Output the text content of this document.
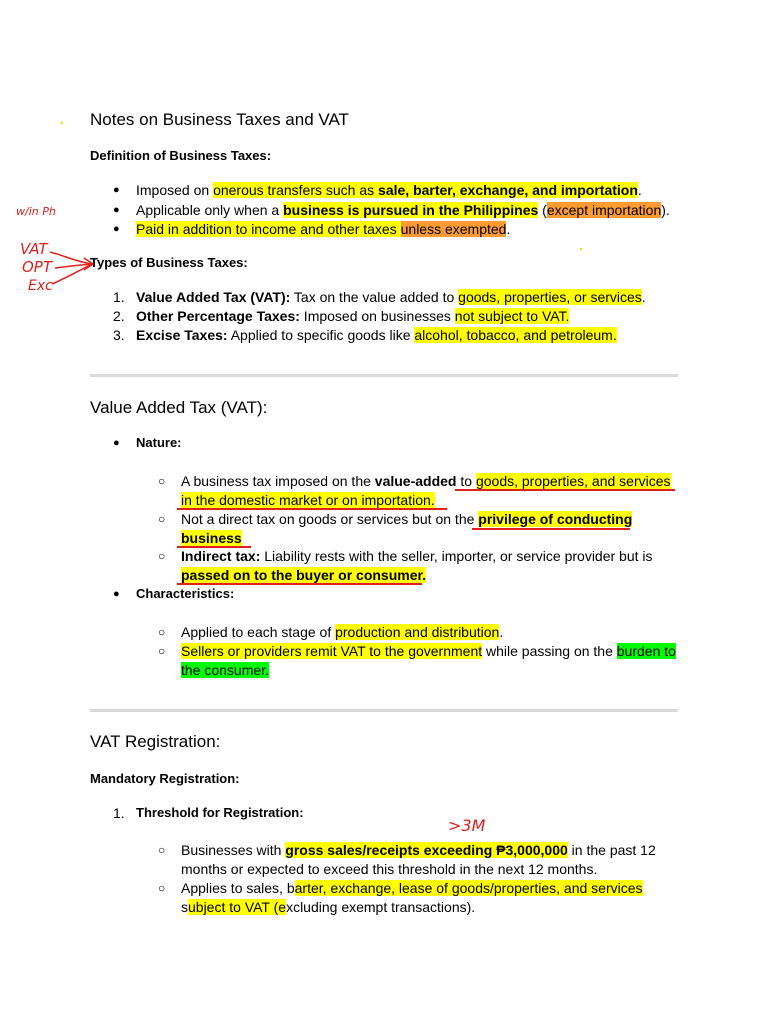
Notes on Business Taxes and VAT
Definition of Business Taxes:
● Imposed on onerous transfers such as sale, barter, exchange, and importation.
● Applicable only when a business is pursued in the Philippines (except importation).
● Paid in addition to income and other taxes unless exempted.
Types of Business Taxes:
1. Value Added Tax (VAT): Tax on the value added to goods, properties, or services.
2. Other Percentage Taxes: Imposed on businesses not subject to VAT.
3. Excise Taxes: Applied to specific goods like alcohol, tobacco, and petroleum.
Value Added Tax (VAT):
● Nature:
○ A business tax imposed on the value-added to goods, properties, and services
in the domestic market or on importation.
○ Not a direct tax on goods or services but on the privilege of conducting
business
○ Indirect tax: Liability rests with the seller, importer, or service provider but is
passed on to the buyer or consumer.
● Characteristics:
○ Applied to each stage of production and distribution.
○ Sellers or providers remit VAT to the government while passing on the burden to
the consumer.
VAT Registration:
Mandatory Registration:
1. Threshold for Registration:
○ Businesses with gross sales/receipts exceeding ₱3,000,000 in the past 12
months or expected to exceed this threshold in the next 12 months.
○ Applies to sales, barter, exchange, lease of goods/properties, and services
subject to VAT (excluding exempt transactions).
w/in Ph
VAT
OPT
Exc
>3M
